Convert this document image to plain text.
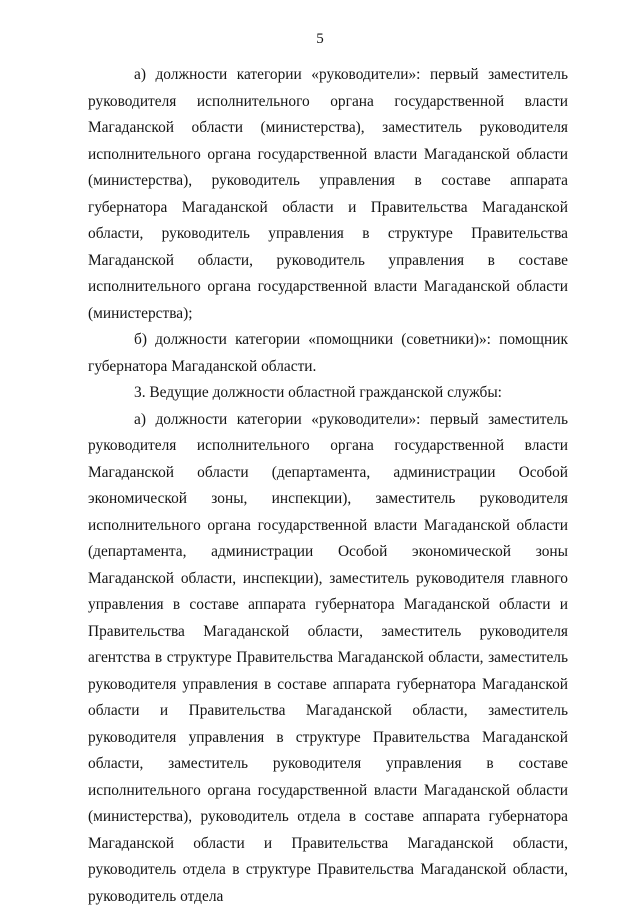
5

а) должности категории «руководители»: первый заместитель руководителя исполнительного органа государственной власти Магаданской области (министерства), заместитель руководителя исполнительного органа государственной власти Магаданской области (министерства), руководитель управления в составе аппарата губернатора Магаданской области и Правительства Магаданской области, руководитель управления в структуре Правительства Магаданской области, руководитель управления в составе исполнительного органа государственной власти Магаданской области (министерства);

б) должности категории «помощники (советники)»: помощник губернатора Магаданской области.

3. Ведущие должности областной гражданской службы:

а) должности категории «руководители»: первый заместитель руководителя исполнительного органа государственной власти Магаданской области (департамента, администрации Особой экономической зоны, инспекции), заместитель руководителя исполнительного органа государственной власти Магаданской области (департамента, администрации Особой экономической зоны Магаданской области, инспекции), заместитель руководителя главного управления в составе аппарата губернатора Магаданской области и Правительства Магаданской области, заместитель руководителя агентства в структуре Правительства Магаданской области, заместитель руководителя управления в составе аппарата губернатора Магаданской области и Правительства Магаданской области, заместитель руководителя управления в структуре Правительства Магаданской области, заместитель руководителя управления в составе исполнительного органа государственной власти Магаданской области (министерства), руководитель отдела в составе аппарата губернатора Магаданской области и Правительства Магаданской области, руководитель отдела в структуре Правительства Магаданской области, руководитель отдела
